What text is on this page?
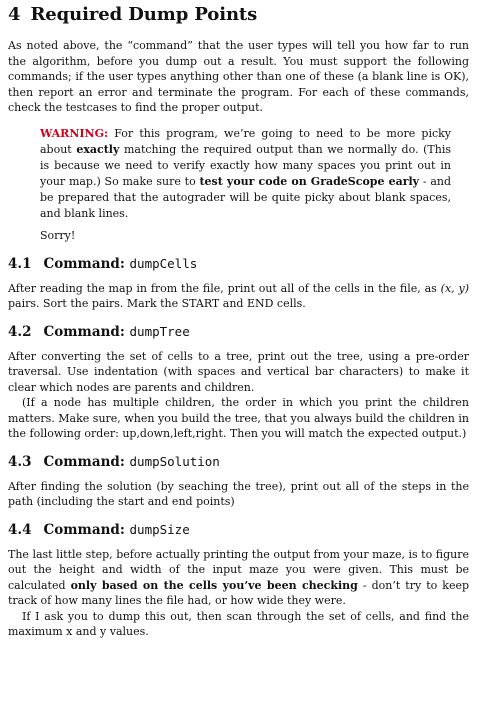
4 Required Dump Points

As noted above, the “command” that the user types will tell you how far to run the algorithm, before you dump out a result. You must support the following commands; if the user types anything other than one of these (a blank line is OK), then report an error and terminate the program. For each of these commands, check the testcases to find the proper output.

WARNING: For this program, we’re going to need to be more picky about exactly matching the required output than we normally do. (This is because we need to verify exactly how many spaces you print out in your map.) So make sure to test your code on GradeScope early - and be prepared that the autograder will be quite picky about blank spaces, and blank lines.

Sorry!

4.1 Command: dumpCells

After reading the map in from the file, print out all of the cells in the file, as (x, y) pairs. Sort the pairs. Mark the START and END cells.

4.2 Command: dumpTree

After converting the set of cells to a tree, print out the tree, using a pre-order traversal. Use indentation (with spaces and vertical bar characters) to make it clear which nodes are parents and children.

(If a node has multiple children, the order in which you print the children matters. Make sure, when you build the tree, that you always build the children in the following order: up,down,left,right. Then you will match the expected output.)

4.3 Command: dumpSolution

After finding the solution (by seaching the tree), print out all of the steps in the path (including the start and end points)

4.4 Command: dumpSize

The last little step, before actually printing the output from your maze, is to figure out the height and width of the input maze you were given. This must be calculated only based on the cells you’ve been checking - don’t try to keep track of how many lines the file had, or how wide they were.

If I ask you to dump this out, then scan through the set of cells, and find the maximum x and y values.
